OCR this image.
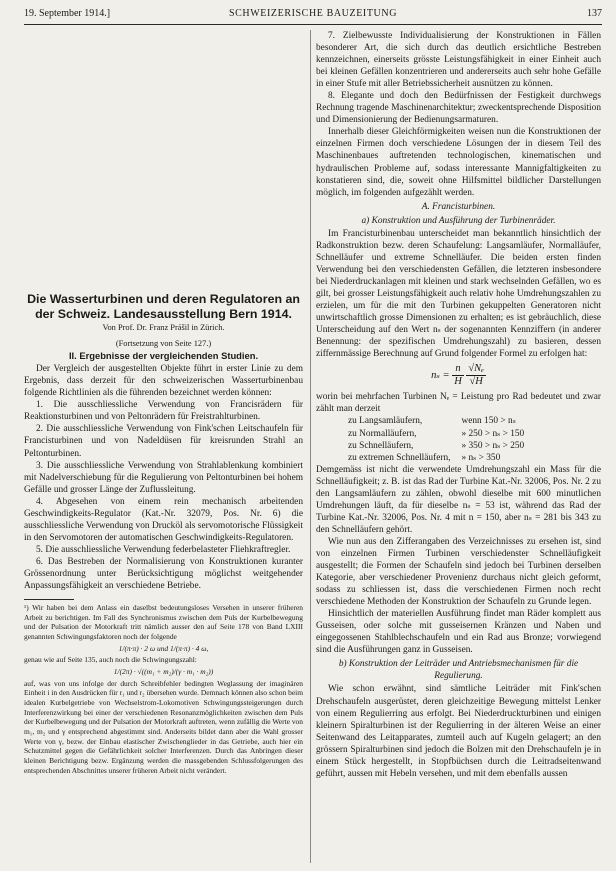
19. September 1914.]	SCHWEIZERISCHE BAUZEITUNG	137
Die Wasserturbinen und deren Regulatoren an der Schweiz. Landesausstellung Bern 1914.
Von Prof. Dr. Franz Prášil in Zürich.
(Fortsetzung von Seite 127.)
II. Ergebnisse der vergleichenden Studien.

Der Vergleich der ausgestellten Objekte führt in erster Linie zu dem Ergebnis, dass derzeit für den schweizerischen Wasserturbinenbau folgende Richtlinien als die führenden bezeichnet werden können:

1. Die ausschliessliche Verwendung von Francisrädern für Reaktionsturbinen und von Peltonrädern für Freistrahlturbinen.

2. Die ausschliessliche Verwendung von Fink'schen Leitschaufeln für Francisturbinen und von Nadeldüsen für kreisrunden Strahl an Peltonturbinen.

3. Die ausschliessliche Verwendung von Strahlablenkung kombiniert mit Nadelverschiebung für die Regulierung von Peltonturbinen bei hohem Gefälle und grosser Länge der Zuflussleitung.

4. Abgesehen von einem rein mechanisch arbeitenden Geschwindigkeits-Regulator (Kat.-Nr. 32079, Pos. Nr. 6) die ausschliessliche Verwendung von Drucköl als servomotorische Flüssigkeit in den Servomotoren der automatischen Geschwindigkeits-Regulatoren.

5. Die ausschliessliche Verwendung federbelasteter Fliehkraftregler.

6. Das Bestreben der Normalisierung von Konstruktionen kuranter Grössenordnung unter Berücksichtigung möglichst weitgehender Anpassungsfähigkeit an verschiedene Betriebe.

¹) Wir haben bei dem Anlass ein daselbst bedeutungsloses Versehen in unserer früheren Arbeit zu berichtigen. Im Fall des Synchronismus zwischen dem Puls der Kurbelbewegung und der Pulsation der Motorkraft tritt nämlich ausser den auf Seite 178 von Band LXIII genannten Schwingungsfaktoren noch der folgende

1/(π∙π) ∙ 2 ω und 1/(π∙π) ∙ 4 ω,

genau wie auf Seite 135, auch noch die Schwingungszahl:

1/(2π) ∙ √((m₁ + m₂)/(γ ∙ m₁ ∙ m₂))

auf, was von uns infolge der durch Schreibfehler bedingten Weglassung der imaginären Einheit i in den Ausdrücken für r₁ und r₂ übersehen wurde. Demnach können also schon beim idealen Kurbelgetriebe von Wechselstrom-Lokomotiven Schwingungssteigerungen durch Interferenzwirkung bei einer der verschiedenen Resonanzmöglichkeiten zwischen dem Puls der Kurbelbewegung und der Pulsation der Motorkraft auftreten, wenn zufällig die Werte von m₁, m₂ und γ entsprechend abgestimmt sind. Anderseits bildet dann aber die Wahl grosser Werte von γ, bezw. der Einbau elastischer Zwischenglieder in das Getriebe, auch hier ein Schutzmittel gegen die Gefährlichkeit solcher Interferenzen. Durch das Anbringen dieser kleinen Berichtigung bezw. Ergänzung werden die massgebenden Schlussfolgerungen des entsprechenden Abschnittes unserer früheren Arbeit nicht verändert.

7. Zielbewusste Individualisierung der Konstruktionen in Fällen besonderer Art, die sich durch das deutlich ersichtliche Bestreben kennzeichnen, einerseits grösste Leistungsfähigkeit in einer Einheit auch bei kleinen Gefällen konzentrieren und andererseits auch sehr hohe Gefälle in einer Stufe mit aller Betriebssicherheit ausnützen zu können.

8. Elegante und doch den Bedürfnissen der Festigkeit durchwegs Rechnung tragende Maschinenarchitektur; zweckentsprechende Disposition und Dimensionierung der Bedienungsarmaturen.

Innerhalb dieser Gleichförmigkeiten weisen nun die Konstruktionen der einzelnen Firmen doch verschiedene Lösungen der in diesem Teil des Maschinenbaues auftretenden technologischen, kinematischen und hydraulischen Probleme auf, sodass interessante Mannigfaltigkeiten zu konstatieren sind, die, soweit ohne Hilfsmittel bildlicher Darstellungen möglich, im folgenden aufgezählt werden.

A. Francisturbinen.
a) Konstruktion und Ausführung der Turbinenräder.

Im Francisturbinenbau unterscheidet man bekanntlich hinsichtlich der Radkonstruktion bezw. deren Schaufelung: Langsamläufer, Normalläufer, Schnelläufer und extreme Schnelläufer. Die beiden ersten finden Verwendung bei den verschiedensten Gefällen, die letzteren insbesondere bei Niederdruckanlagen mit kleinen und stark wechselnden Gefällen, wo es gilt, bei grosser Leistungsfähigkeit auch relativ hohe Umdrehungszahlen zu erzielen, um für die mit den Turbinen gekuppelten Generatoren nicht unwirtschaftlich grosse Dimensionen zu erhalten; es ist gebräuchlich, diese Unterscheidung auf den Wert nₛ der sogenannten Kennziffern (in anderer Benennung: der spezifischen Umdrehungszahl) zu basieren, dessen ziffernmässige Berechnung auf Grund folgender Formel zu erfolgen hat:

$n_s = \frac{n}{H}$
$\frac{\text{√Nₑ}}{√H}$

worin bei mehrfachen Turbinen Nₑ = Leistung pro Rad bedeutet und zwar zählt man derzeit

zu Langsamläufern,	wenn 150 > nₛ
zu Normalläufern,	» 250 > nₛ > 150
zu Schnelläufern,	» 350 > nₛ > 250
zu extremen Schnelläufern,	» nₛ > 350

Demgemäss ist nicht die verwendete Umdrehungszahl ein Mass für die Schnelläufigkeit; z. B. ist das Rad der Turbine Kat.-Nr. 32006, Pos. Nr. 2 zu den Langsamläufern zu zählen, obwohl dieselbe mit 600 minutlichen Umdrehungen läuft, da für dieselbe nₛ = 53 ist, während das Rad der Turbine Kat.-Nr. 32006, Pos. Nr. 4 mit n = 150, aber nₛ = 281 bis 343 zu den Schnelläufern gehört.

Wie nun aus den Zifferangaben des Verzeichnisses zu ersehen ist, sind von einzelnen Firmen Turbinen verschiedenster Schnelläufigkeit ausgestellt; die Formen der Schaufeln sind jedoch bei Turbinen derselben Kategorie, aber verschiedener Provenienz durchaus nicht gleich geformt, sodass zu schliessen ist, dass die verschiedenen Firmen noch recht verschiedene Methoden der Konstruktion der Schaufeln zu Grunde legen.

Hinsichtlich der materiellen Ausführung findet man Räder komplett aus Gusseisen, oder solche mit gusseisernen Kränzen und Naben und eingegossenen Stahlblechschaufeln und ein Rad aus Bronze; vorwiegend sind die Ausführungen ganz in Gusseisen.

b) Konstruktion der Leiträder und Antriebsmechanismen für die Regulierung.

Wie schon erwähnt, sind sämtliche Leiträder mit Fink'schen Drehschaufeln ausgerüstet, deren gleichzeitige Bewegung mittelst Lenker von einem Regulierring aus erfolgt. Bei Niederdruckturbinen und einigen kleinern Spiralturbinen ist der Regulierring in der älteren Weise an einer Seitenwand des Leitapparates, zumteil auch auf Kugeln gelagert; an den grössern Spiralturbinen sind jedoch die Bolzen mit den Drehschaufeln je in einem Stück hergestellt, in Stopfbüchsen durch die Leitradseitenwand geführt, aussen mit Hebeln versehen, und mit dem ebenfalls aussen
